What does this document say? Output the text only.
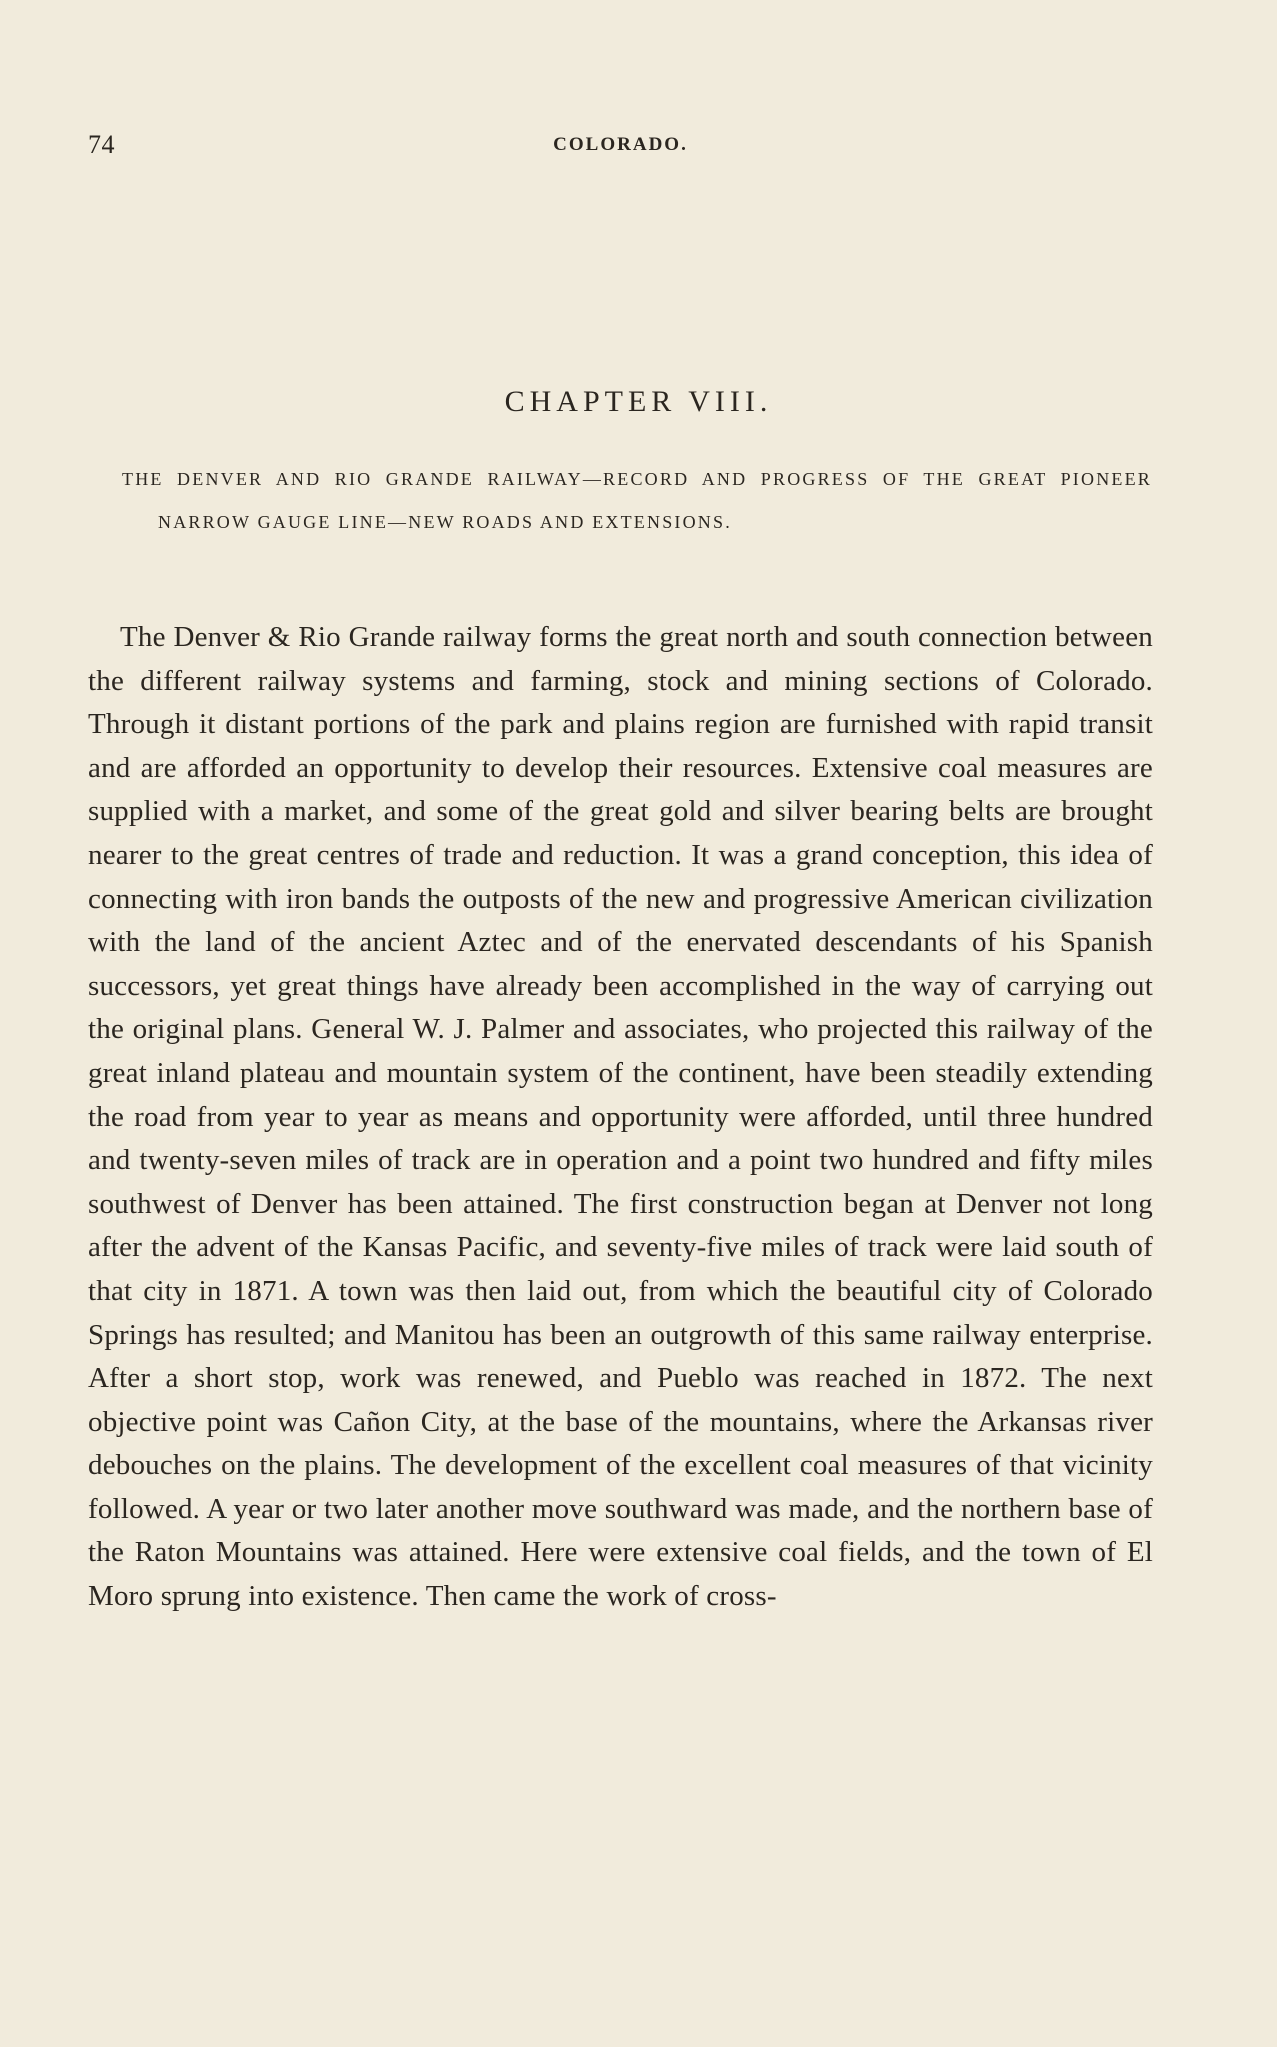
74	COLORADO.
CHAPTER VIII.
THE DENVER AND RIO GRANDE RAILWAY—RECORD AND PROGRESS OF THE GREAT PIONEER NARROW GAUGE LINE—NEW ROADS AND EXTENSIONS.

The Denver & Rio Grande railway forms the great north and south connection between the different railway systems and farming, stock and mining sections of Colorado. Through it distant portions of the park and plains region are furnished with rapid transit and are afforded an opportunity to develop their resources. Extensive coal measures are supplied with a market, and some of the great gold and silver bearing belts are brought nearer to the great centres of trade and reduction. It was a grand conception, this idea of connecting with iron bands the outposts of the new and progressive American civilization with the land of the ancient Aztec and of the enervated descendants of his Spanish successors, yet great things have already been accomplished in the way of carrying out the original plans. General W. J. Palmer and associates, who projected this railway of the great inland plateau and mountain system of the continent, have been steadily extending the road from year to year as means and opportunity were afforded, until three hundred and twenty-seven miles of track are in operation and a point two hundred and fifty miles southwest of Denver has been attained. The first construction began at Denver not long after the advent of the Kansas Pacific, and seventy-five miles of track were laid south of that city in 1871. A town was then laid out, from which the beautiful city of Colorado Springs has resulted; and Manitou has been an outgrowth of this same railway enterprise. After a short stop, work was renewed, and Pueblo was reached in 1872. The next objective point was Cañon City, at the base of the mountains, where the Arkansas river debouches on the plains. The development of the excellent coal measures of that vicinity followed. A year or two later another move southward was made, and the northern base of the Raton Mountains was attained. Here were extensive coal fields, and the town of El Moro sprung into existence. Then came the work of cross-
